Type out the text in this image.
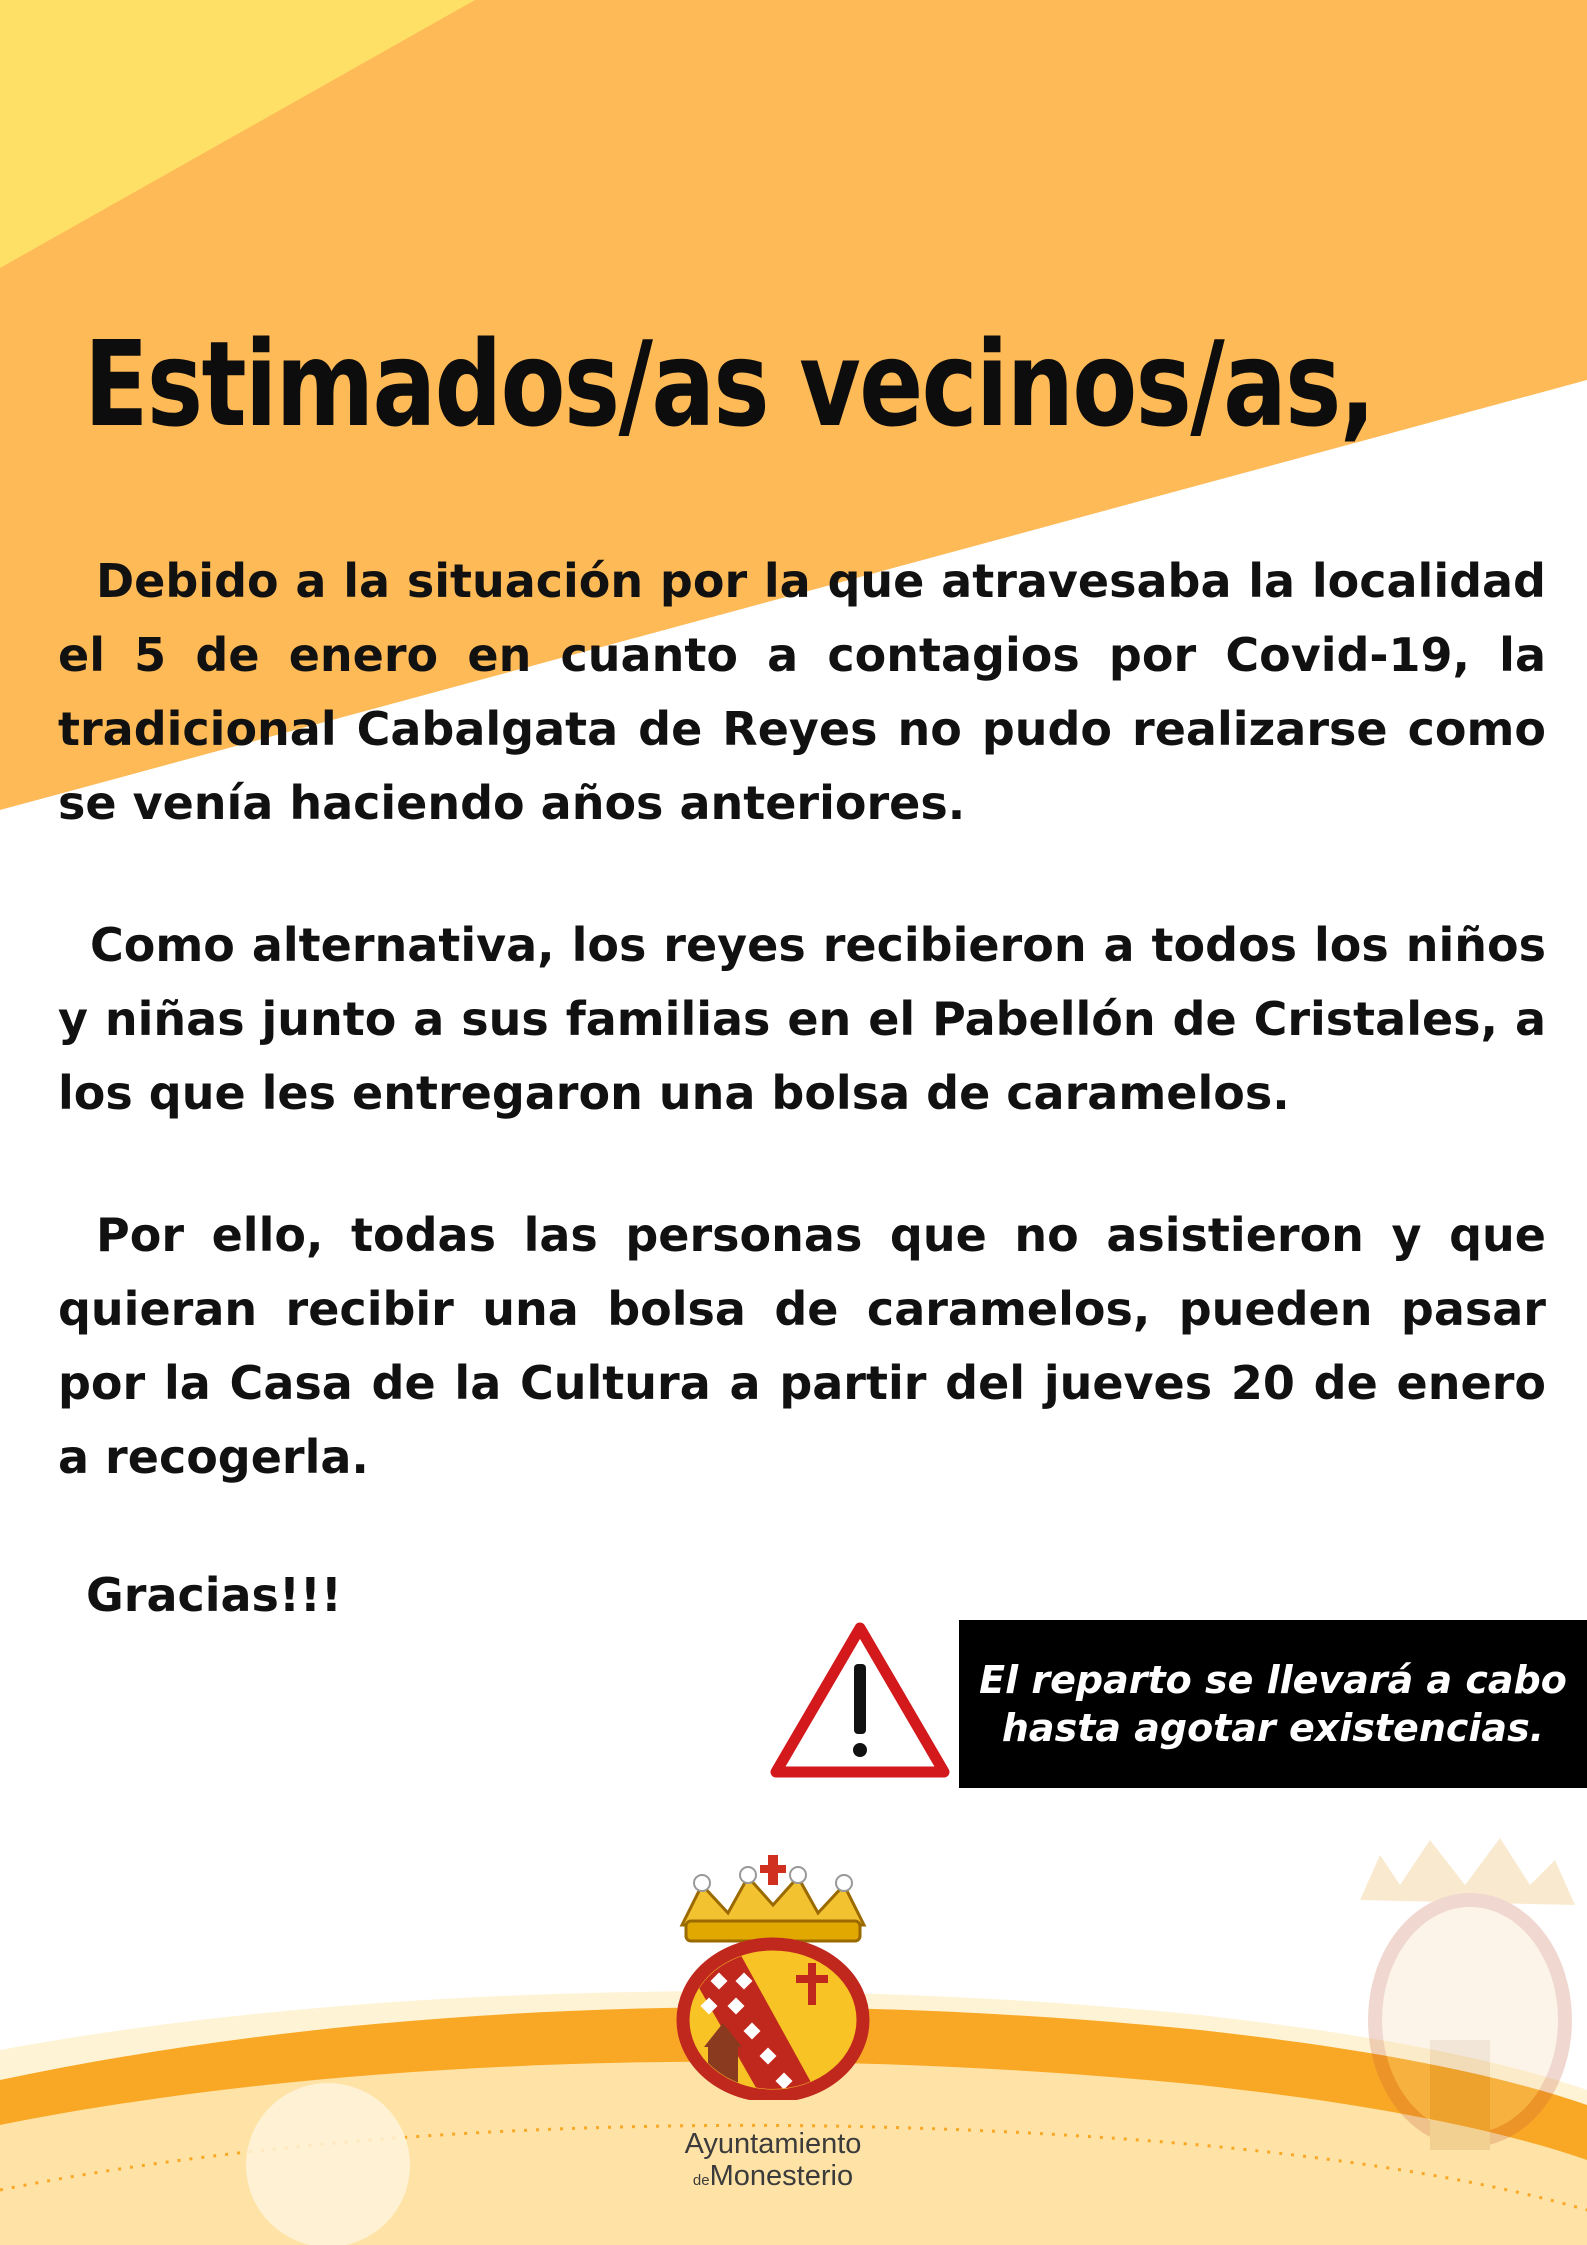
Estimados/as vecinos/as,

Debido a la situación por la que atravesaba la localidad el 5 de enero en cuanto a contagios por Covid-19, la tradicional Cabalgata de Reyes no pudo realizarse como se venía haciendo años anteriores.

Como alternativa, los reyes recibieron a todos los niños y niñas junto a sus familias en el Pabellón de Cristales, a los que les entregaron una bolsa de caramelos.

Por ello, todas las personas que no asistieron y que quieran recibir una bolsa de caramelos, pueden pasar por la Casa de la Cultura a partir del jueves 20 de enero a recogerla.

Gracias!!!

El reparto se llevará a cabo hasta agotar existencias.
Ayuntamiento
deMonesterio
